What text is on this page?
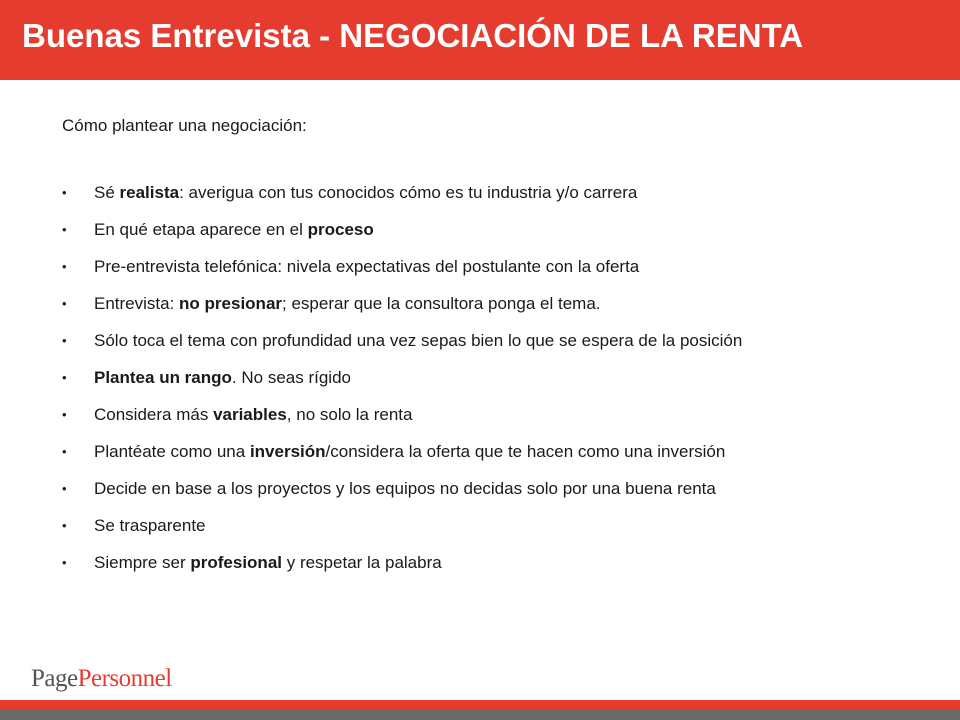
Buenas Entrevista - NEGOCIACIÓN DE LA RENTA
Cómo plantear una negociación:
• Sé realista: averigua con tus conocidos cómo es tu industria y/o carrera
• En qué etapa aparece en el proceso
• Pre-entrevista telefónica: nivela expectativas del postulante con la oferta
• Entrevista: no presionar; esperar que la consultora ponga el tema.
• Sólo toca el tema con profundidad una vez sepas bien lo que se espera de la posición
• Plantea un rango. No seas rígido
• Considera más variables, no solo la renta
• Plantéate como una inversión/considera la oferta que te hacen como una inversión
• Decide en base a los proyectos y los equipos no decidas solo por una buena renta
• Se trasparente
• Siempre ser profesional y respetar la palabra
PagePersonnel
